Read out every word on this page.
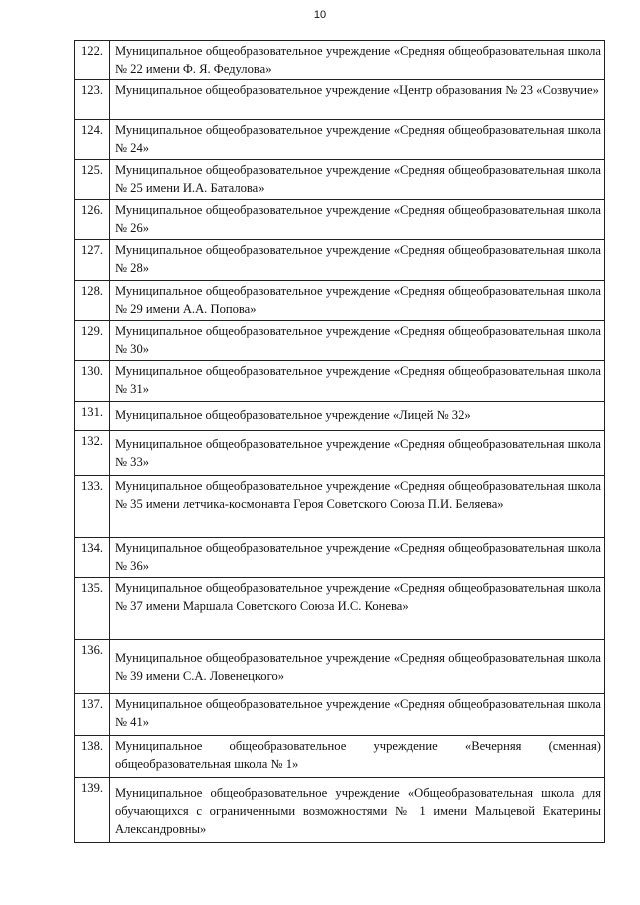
10
122.	Муниципальное общеобразовательное учреждение «Средняя общеобразовательная школа № 22 имени Ф. Я. Федулова»

123.	Муниципальное общеобразовательное учреждение «Центр образования № 23 «Созвучие»

124.	Муниципальное общеобразовательное учреждение «Средняя общеобразовательная школа № 24»

125.	Муниципальное общеобразовательное учреждение «Средняя общеобразовательная школа № 25 имени И.А. Баталова»

126.	Муниципальное общеобразовательное учреждение «Средняя общеобразовательная школа № 26»

127.	Муниципальное общеобразовательное учреждение «Средняя общеобразовательная школа № 28»

128.	Муниципальное общеобразовательное учреждение «Средняя общеобразовательная школа № 29 имени А.А. Попова»

129.	Муниципальное общеобразовательное учреждение «Средняя общеобразовательная школа № 30»

130.	Муниципальное общеобразовательное учреждение «Средняя общеобразовательная школа № 31»

131.	Муниципальное общеобразовательное учреждение «Лицей № 32»

132.	Муниципальное общеобразовательное учреждение «Средняя общеобразовательная школа № 33»

133.	Муниципальное общеобразовательное учреждение «Средняя общеобразовательная школа № 35 имени летчика-космонавта Героя Советского Союза П.И. Беляева»

134.	Муниципальное общеобразовательное учреждение «Средняя общеобразовательная школа № 36»

135.	Муниципальное общеобразовательное учреждение «Средняя общеобразовательная школа № 37 имени Маршала Советского Союза И.С. Конева»

136.	Муниципальное общеобразовательное учреждение «Средняя общеобразовательная школа № 39 имени С.А. Ловенецкого»

137.	Муниципальное общеобразовательное учреждение «Средняя общеобразовательная школа № 41»

138.	Муниципальное общеобразовательное учреждение «Вечерняя (сменная) общеобразовательная школа № 1»

139.	Муниципальное общеобразовательное учреждение «Общеобразовательная школа для обучающихся с ограниченными возможностями № 1 имени Мальцевой Екатерины Александровны»
